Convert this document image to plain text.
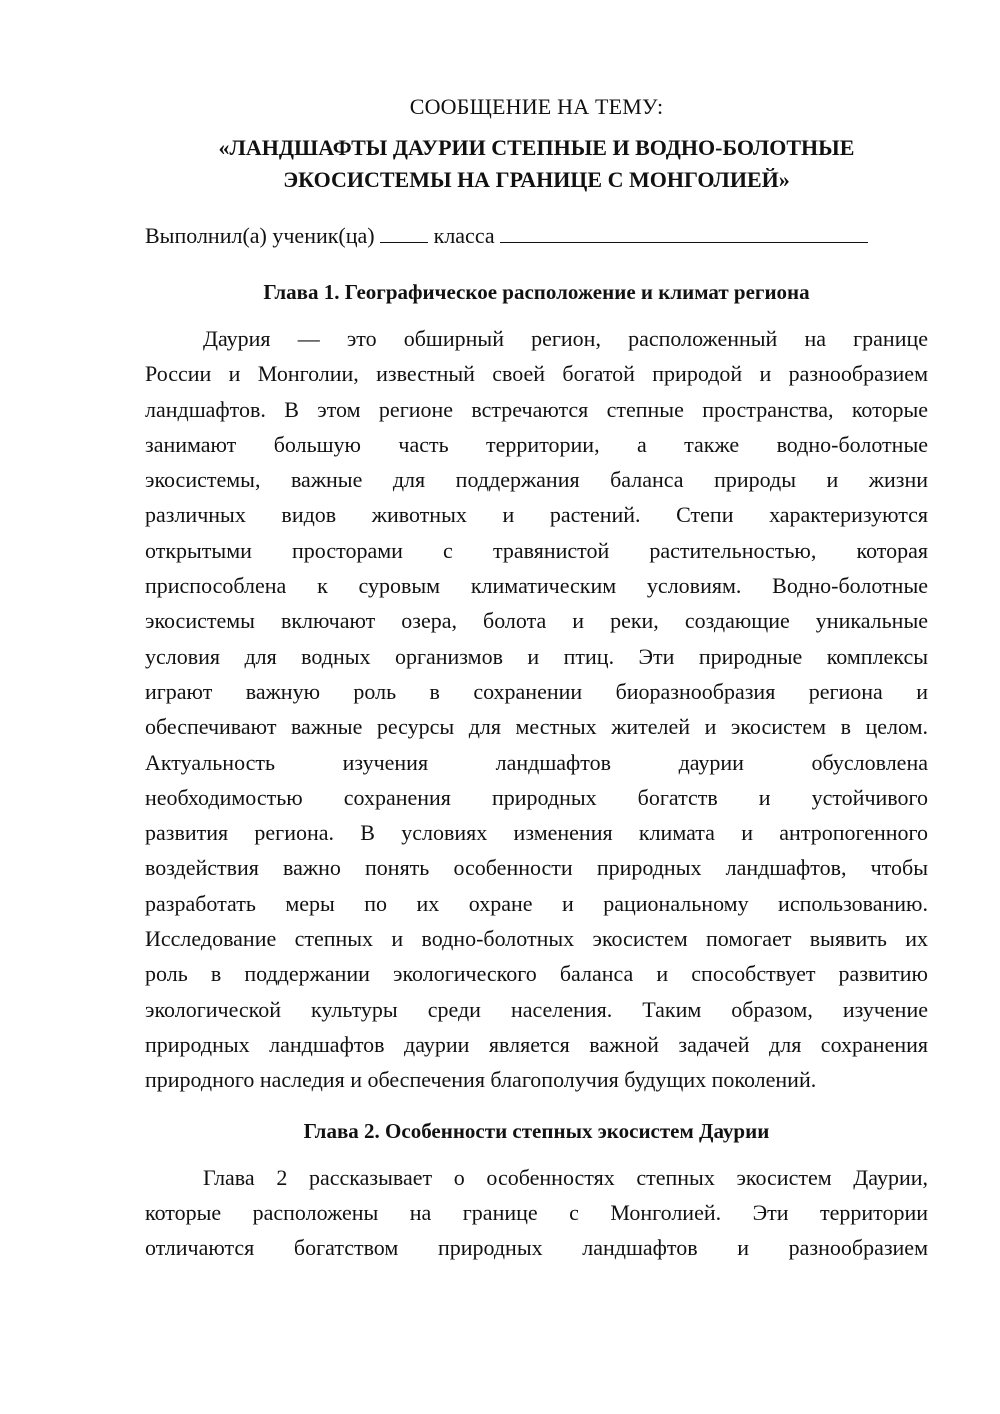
СООБЩЕНИЕ НА ТЕМУ:
«ЛАНДШАФТЫ ДАУРИИ СТЕПНЫЕ И ВОДНО-БОЛОТНЫЕ
ЭКОСИСТЕМЫ НА ГРАНИЦЕ С МОНГОЛИЕЙ»
Выполнил(а) ученик(ца)	класса
Глава 1. Географическое расположение и климат региона
Даурия — это обширный регион, расположенный на границе
России и Монголии, известный своей богатой природой и разнообразием
ландшафтов. В этом регионе встречаются степные пространства, которые
занимают большую часть территории, а также водно-болотные
экосистемы, важные для поддержания баланса природы и жизни
различных видов животных и растений. Степи характеризуются
открытыми просторами с травянистой растительностью, которая
приспособлена к суровым климатическим условиям. Водно-болотные
экосистемы включают озера, болота и реки, создающие уникальные
условия для водных организмов и птиц. Эти природные комплексы
играют важную роль в сохранении биоразнообразия региона и
обеспечивают важные ресурсы для местных жителей и экосистем в целом.
Актуальность изучения ландшафтов даурии обусловлена
необходимостью сохранения природных богатств и устойчивого
развития региона. В условиях изменения климата и антропогенного
воздействия важно понять особенности природных ландшафтов, чтобы
разработать меры по их охране и рациональному использованию.
Исследование степных и водно-болотных экосистем помогает выявить их
роль в поддержании экологического баланса и способствует развитию
экологической культуры среди населения. Таким образом, изучение
природных ландшафтов даурии является важной задачей для сохранения
природного наследия и обеспечения благополучия будущих поколений.
Глава 2. Особенности степных экосистем Даурии
Глава 2 рассказывает о особенностях степных экосистем Даурии,
которые расположены на границе с Монголией. Эти территории
отличаются богатством природных ландшафтов и разнообразием
